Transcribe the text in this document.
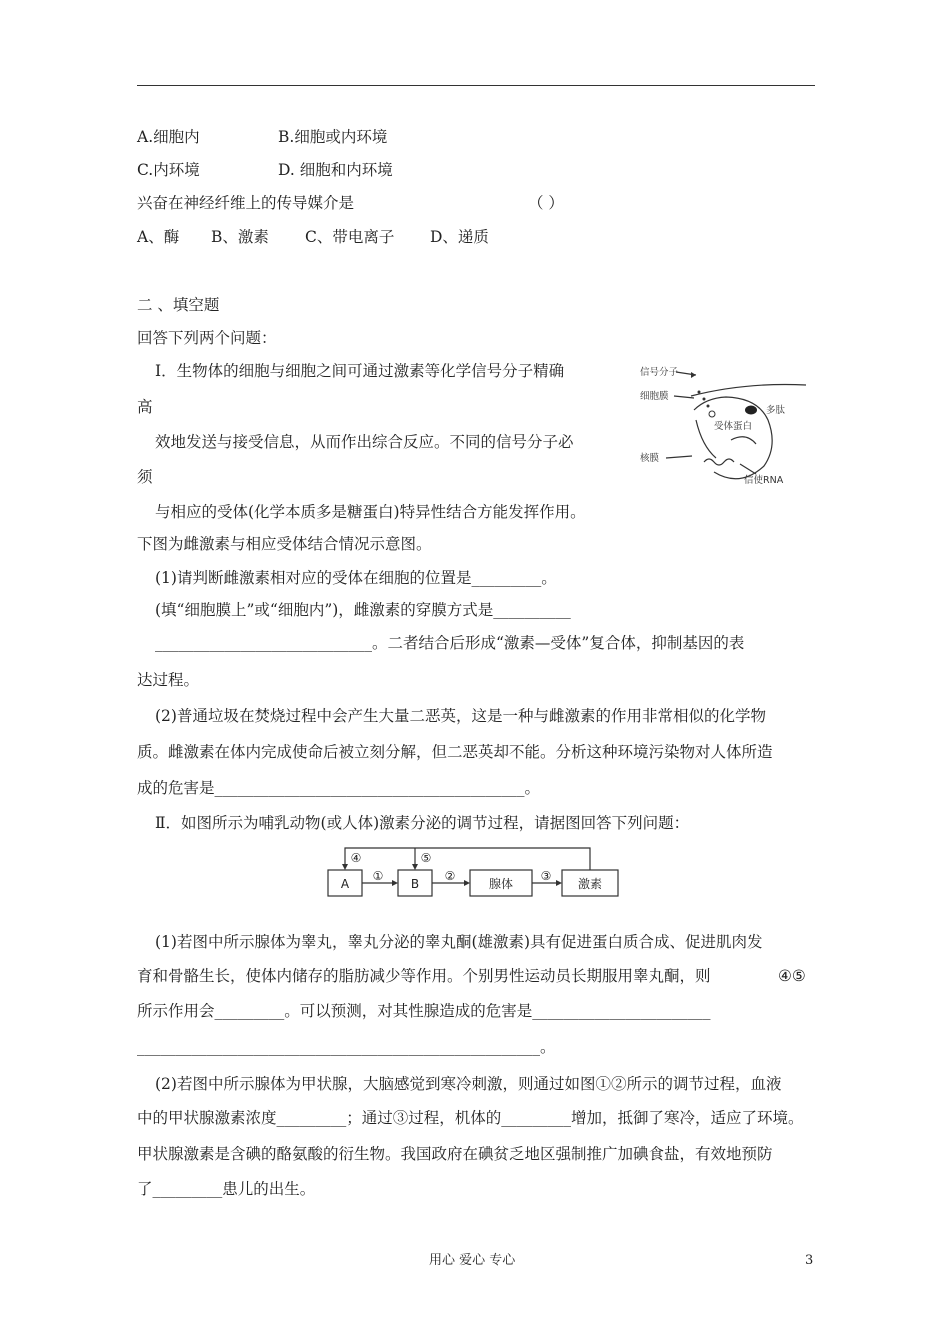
A.细胞内	B.细胞或内环境
C.内环境	D. 细胞和内环境
兴奋在神经纤维上的传导媒介是	（ ）
A、酶 B、激素 C、带电离子 D、递质
二 、填空题
回答下列两个问题：
Ⅰ．生物体的细胞与细胞之间可通过激素等化学信号分子精确
高
效地发送与接受信息，从而作出综合反应。不同的信号分子必
须
与相应的受体(化学本质多是糖蛋白)特异性结合方能发挥作用。
下图为雌激素与相应受体结合情况示意图。
信号分子
细胞膜
多肽
受体蛋白
核膜
信使RNA
(1)请判断雌激素相对应的受体在细胞的位置是_________。
(填“细胞膜上”或“细胞内”)，雌激素的穿膜方式是__________
____________________________。二者结合后形成“激素—受体”复合体，抑制基因的表
达过程。
(2)普通垃圾在焚烧过程中会产生大量二恶英，这是一种与雌激素的作用非常相似的化学物
质。雌激素在体内完成使命后被立刻分解，但二恶英却不能。分析这种环境污染物对人体所造
成的危害是________________________________________。
Ⅱ．如图所示为哺乳动物(或人体)激素分泌的调节过程，请据图回答下列问题：
A	B	腺体	激素
①	②	③
④	⑤
(1)若图中所示腺体为睾丸，睾丸分泌的睾丸酮(雄激素)具有促进蛋白质合成、促进肌肉发
育和骨骼生长，使体内储存的脂肪减少等作用。个别男性运动员长期服用睾丸酮，则	④⑤
所示作用会_________。可以预测，对其性腺造成的危害是_______________________
____________________________________________________。
(2)若图中所示腺体为甲状腺，大脑感觉到寒冷刺激，则通过如图①②所示的调节过程，血液
中的甲状腺激素浓度_________；通过③过程，机体的_________增加，抵御了寒冷，适应了环境。
甲状腺激素是含碘的酪氨酸的衍生物。我国政府在碘贫乏地区强制推广加碘食盐，有效地预防
了_________患儿的出生。
用心 爱心 专心	3
